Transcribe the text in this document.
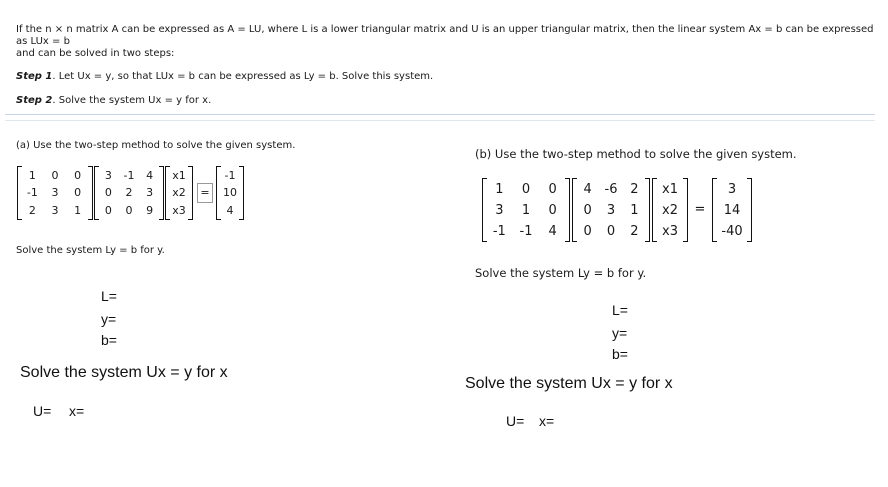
If the n × n matrix A can be expressed as A = LU, where L is a lower triangular matrix and U is an upper triangular matrix, then the linear system Ax = b can be expressed
as LUx = b
and can be solved in two steps:
Step 1. Let Ux = y, so that LUx = b can be expressed as Ly = b. Solve this system.
Step 2. Solve the system Ux = y for x.
(a) Use the two-step method to solve the given system.
1	0	0
-1	3	0
2	3	1
3	-1	4
0	2	3
0	0	9
x1
x2
x3
=
-1
10
4
Solve the system Ly = b for y.
L=
y=
b=
Solve the system Ux = y for x
U= x=
(b) Use the two-step method to solve the given system.
1	0	0
3	1	0
-1	-1	4
4 -6 2
0	3	1
0	0	2
x1
x2
x3
=
3
14
-40
Solve the system Ly = b for y.
L=
y=
b=
Solve the system Ux = y for x
U= x=
